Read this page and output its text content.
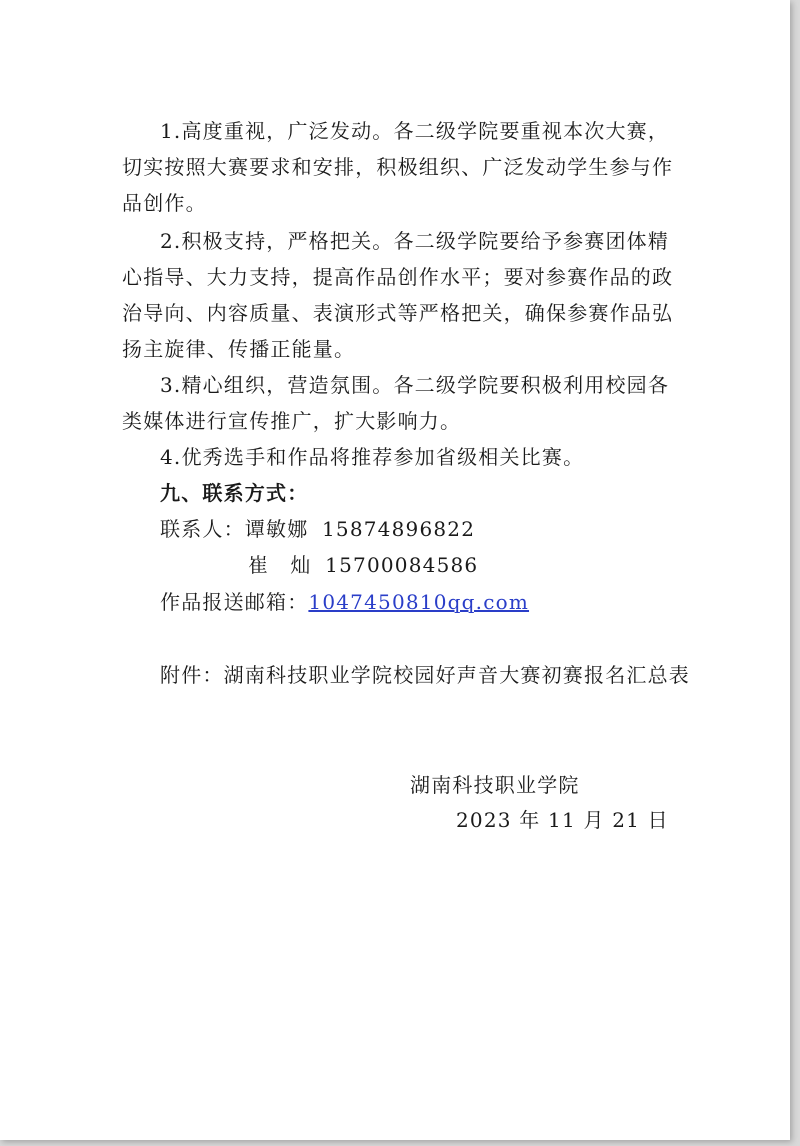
1.高度重视，广泛发动。各二级学院要重视本次大赛，
切实按照大赛要求和安排，积极组织、广泛发动学生参与作
品创作。
2.积极支持，严格把关。各二级学院要给予参赛团体精
心指导、大力支持，提高作品创作水平；要对参赛作品的政
治导向、内容质量、表演形式等严格把关，确保参赛作品弘
扬主旋律、传播正能量。
3.精心组织，营造氛围。各二级学院要积极利用校园各
类媒体进行宣传推广，扩大影响力。
4.优秀选手和作品将推荐参加省级相关比赛。
九、联系方式：
联系人：谭敏娜 15874896822
崔　灿 15700084586
作品报送邮箱：1047450810qq.com
附件：湖南科技职业学院校园好声音大赛初赛报名汇总表
湖南科技职业学院
2023 年 11 月 21 日
